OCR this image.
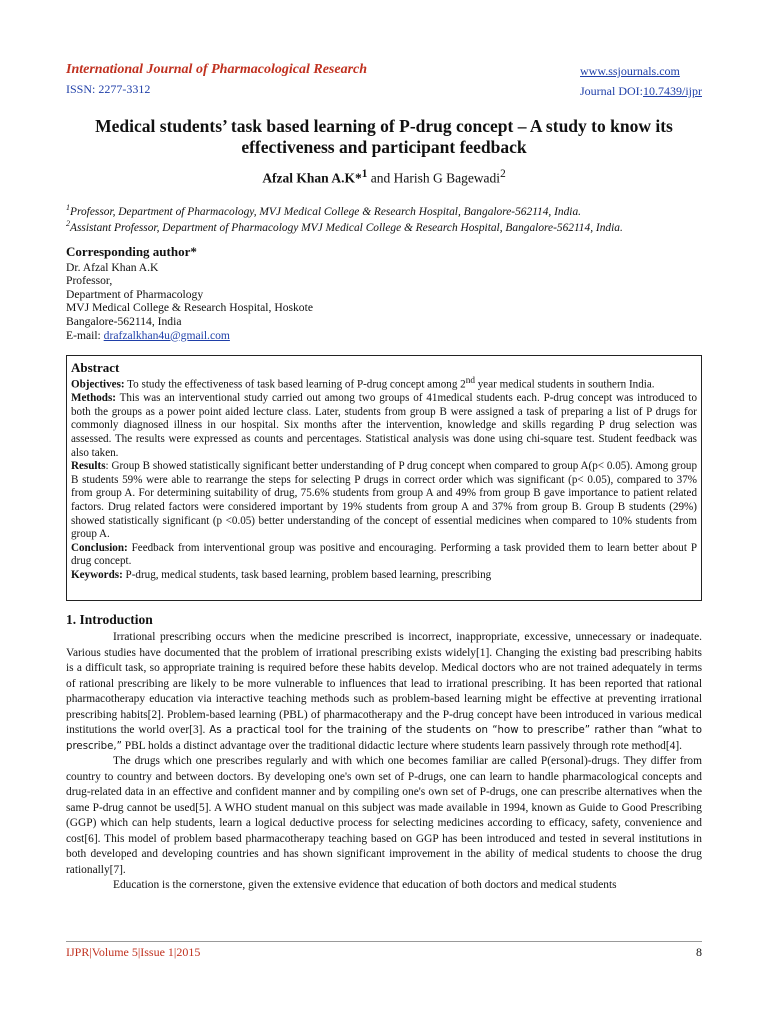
International Journal of Pharmacological Research
ISSN: 2277-3312
www.ssjournals.com
Journal DOI:10.7439/ijpr
Medical students’ task based learning of P-drug concept – A study to know its effectiveness and participant feedback
Afzal Khan A.K*$^1$ and Harish G Bagewadi$^2$
$^1$Professor, Department of Pharmacology, MVJ Medical College & Research Hospital, Bangalore-562114, India.
$^2$Assistant Professor, Department of Pharmacology MVJ Medical College & Research Hospital, Bangalore-562114, India.
Corresponding author*
Dr. Afzal Khan A.K
Professor,
Department of Pharmacology
MVJ Medical College & Research Hospital, Hoskote
Bangalore-562114, India
E-mail: drafzalkhan4u@gmail.com
Abstract

Objectives: To study the effectiveness of task based learning of P-drug concept among 2nd year medical students in southern India.

Methods: This was an interventional study carried out among two groups of 41medical students each. P-drug concept was introduced to both the groups as a power point aided lecture class. Later, students from group B were assigned a task of preparing a list of P drugs for commonly diagnosed illness in our hospital. Six months after the intervention, knowledge and skills regarding P drug selection was assessed. The results were expressed as counts and percentages. Statistical analysis was done using chi-square test. Student feedback was also taken.

Results: Group B showed statistically significant better understanding of P drug concept when compared to group A(p< 0.05). Among group B students 59% were able to rearrange the steps for selecting P drugs in correct order which was significant (p< 0.05), compared to 37% from group A. For determining suitability of drug, 75.6% students from group A and 49% from group B gave importance to patient related factors. Drug related factors were considered important by 19% students from group A and 37% from group B. Group B students (29%) showed statistically significant (p <0.05) better understanding of the concept of essential medicines when compared to 10% students from group A.

Conclusion: Feedback from interventional group was positive and encouraging. Performing a task provided them to learn better about P drug concept.

Keywords: P-drug, medical students, task based learning, problem based learning, prescribing

1. Introduction

Irrational prescribing occurs when the medicine prescribed is incorrect, inappropriate, excessive, unnecessary or inadequate. Various studies have documented that the problem of irrational prescribing exists widely[1]. Changing the existing bad prescribing habits is a difficult task, so appropriate training is required before these habits develop. Medical doctors who are not trained adequately in terms of rational prescribing are likely to be more vulnerable to influences that lead to irrational prescribing. It has been reported that rational pharmacotherapy education via interactive teaching methods such as problem-based learning might be effective at preventing irrational prescribing habits[2]. Problem-based learning (PBL) of pharmacotherapy and the P-drug concept have been introduced in various medical institutions the world over[3]. As a practical tool for the training of the students on “how to prescribe” rather than “what to prescribe,” PBL holds a distinct advantage over the traditional didactic lecture where students learn passively through rote method[4].

The drugs which one prescribes regularly and with which one becomes familiar are called P(ersonal)-drugs. They differ from country to country and between doctors. By developing one's own set of P-drugs, one can learn to handle pharmacological concepts and drug-related data in an effective and confident manner and by compiling one's own set of P-drugs, one can prescribe alternatives when the same P-drug cannot be used[5]. A WHO student manual on this subject was made available in 1994, known as Guide to Good Prescribing (GGP) which can help students, learn a logical deductive process for selecting medicines according to efficacy, safety, convenience and cost[6]. This model of problem based pharmacotherapy teaching based on GGP has been introduced and tested in several institutions in both developed and developing countries and has shown significant improvement in the ability of medical students to choose the drug rationally[7].

Education is the cornerstone, given the extensive evidence that education of both doctors and medical students

IJPR|Volume 5|Issue 1|2015	8
